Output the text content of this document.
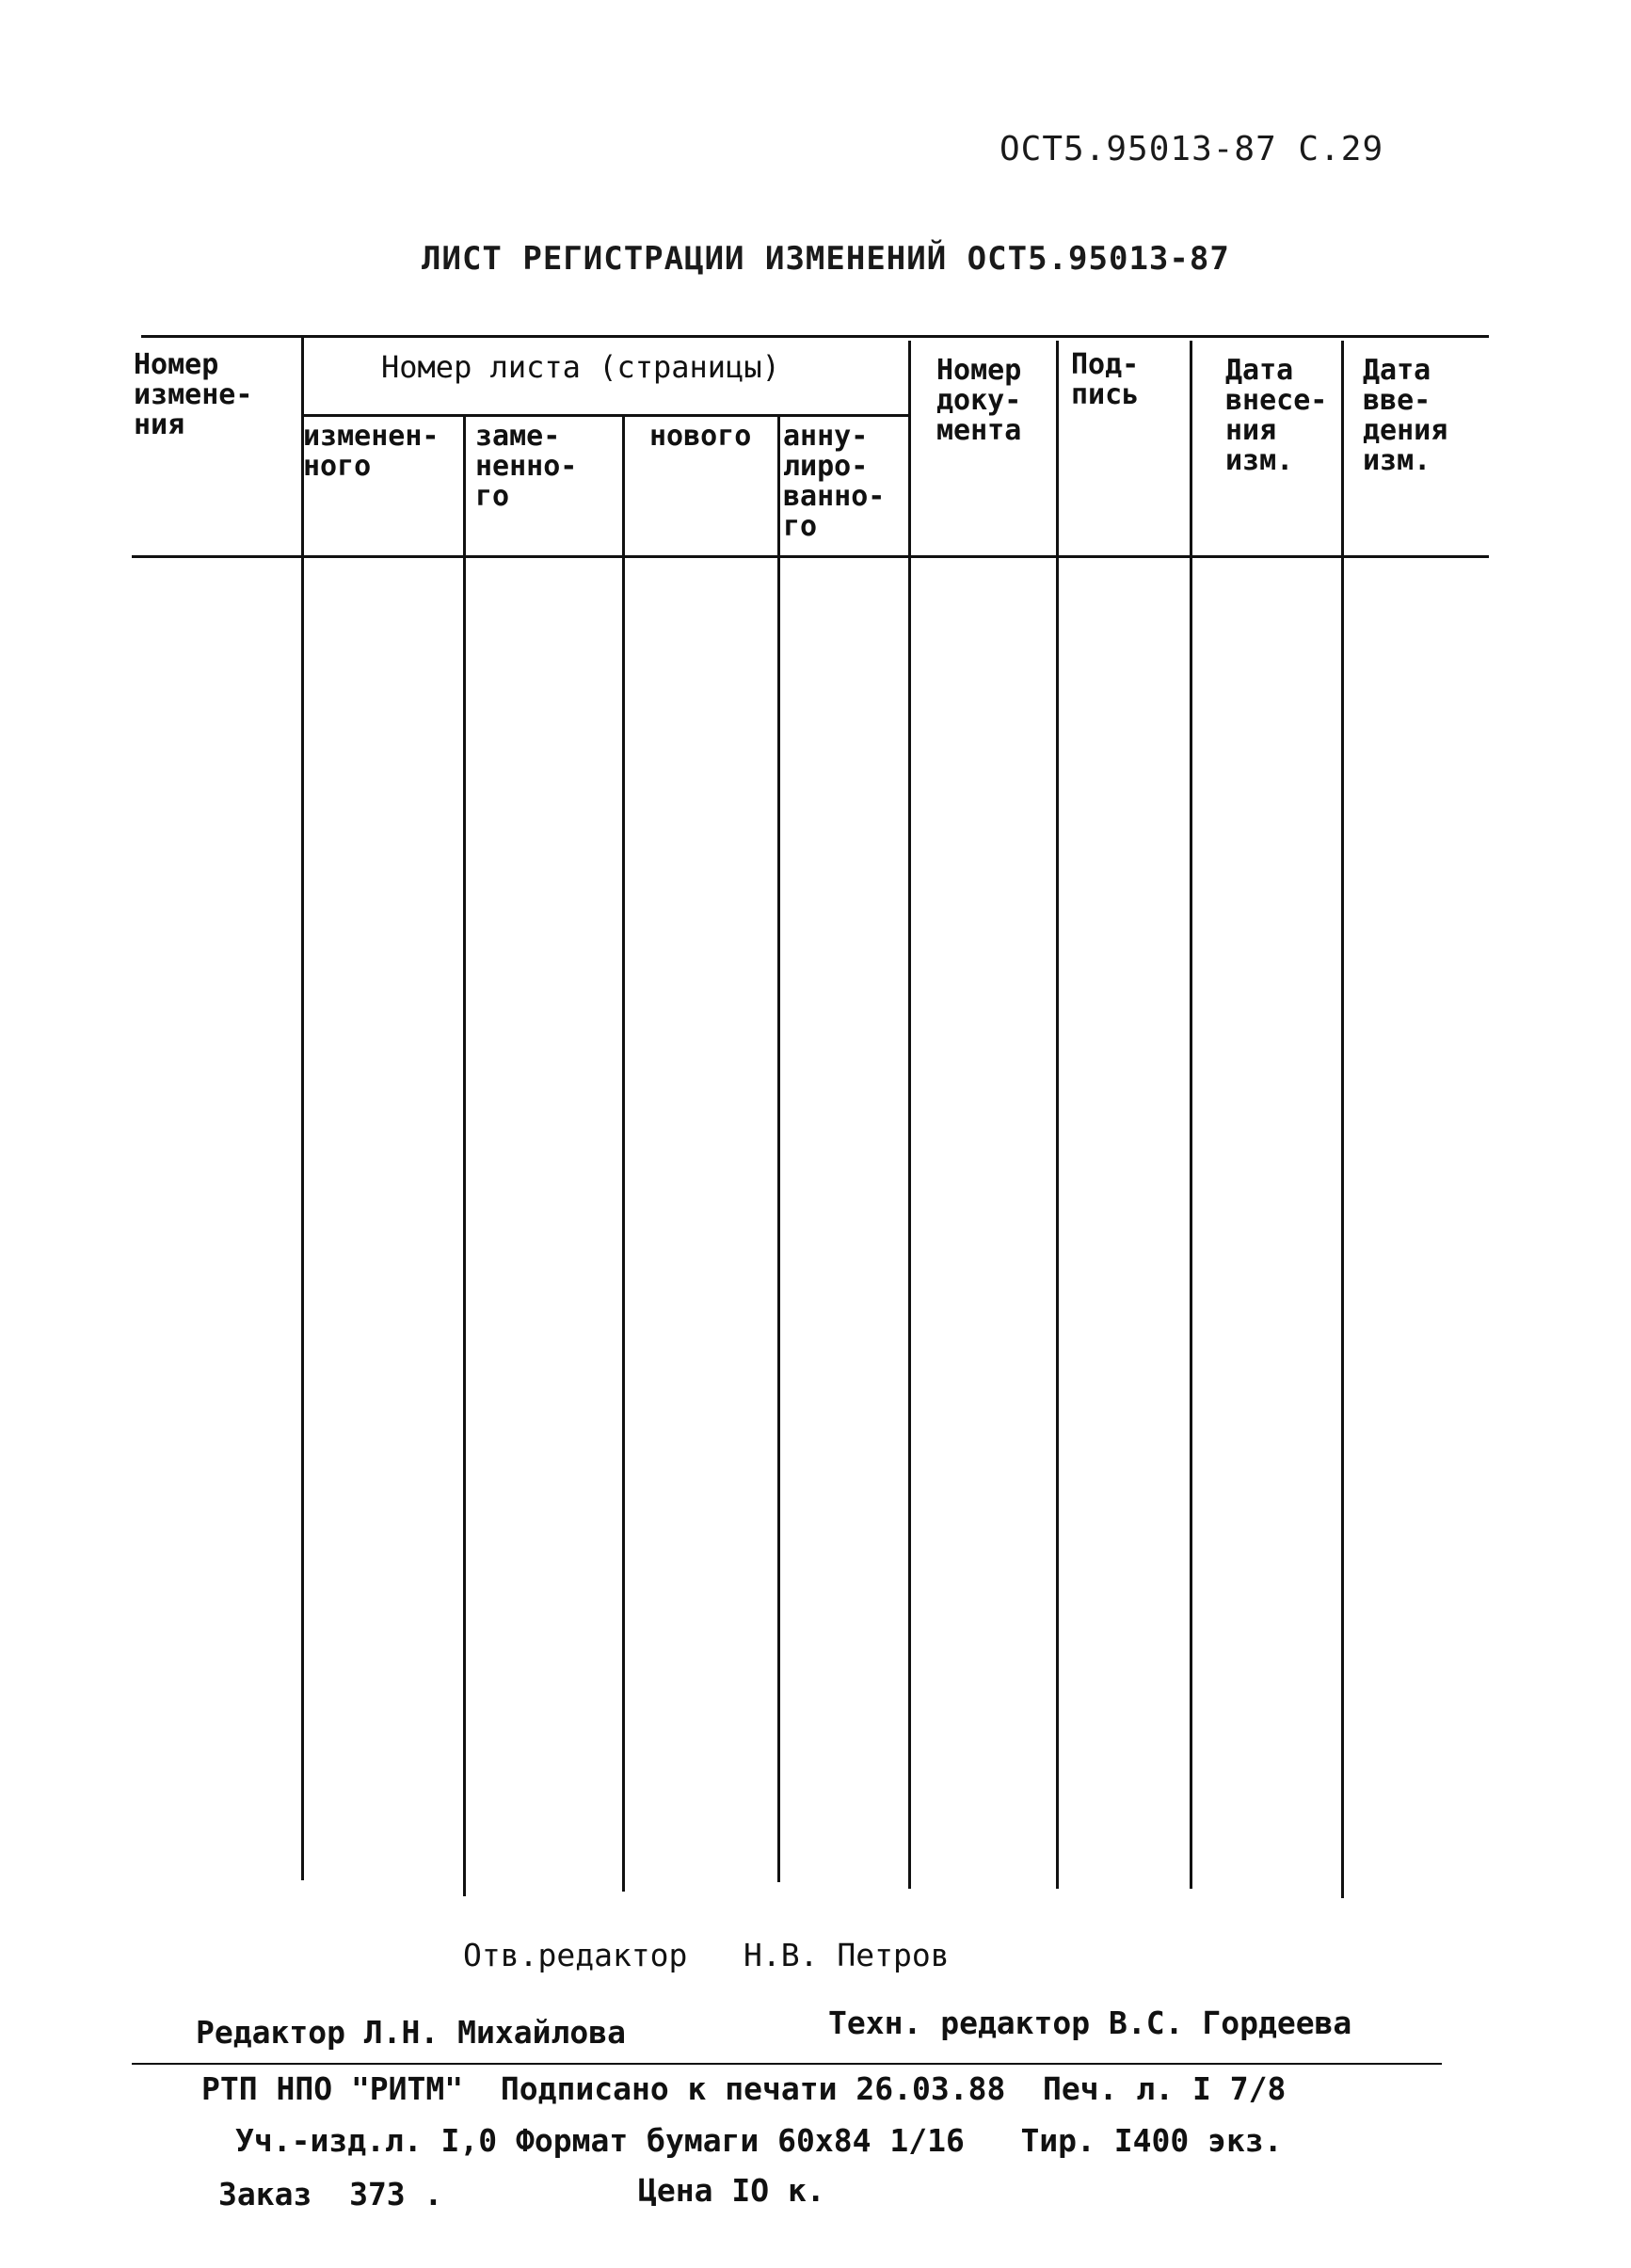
ОСТ5.95013-87 С.29
ЛИСТ РЕГИСТРАЦИИ ИЗМЕНЕНИЙ ОСТ5.95013-87
Номер
измене-
ния
Номер листа (страницы)
изменен-
ного
заме-
ненно-
го
нового анну-
лиро-
ванно-
го
Номер
доку-
мента
Под-
пись
Дата
внесе-
ния
изм.
Дата
вве-
дения
изм.
Отв.редактор   Н.В. Петров
Редактор Л.Н. Михайлова	Техн. редактор В.С. Гордеева
РТП НПО "РИТМ"  Подписано к печати 26.03.88  Печ. л. I 7/8
Уч.-изд.л. I,0 Формат бумаги 60х84 1/16   Тир. I400 экз.
Заказ  373 .	Цена IO к.
